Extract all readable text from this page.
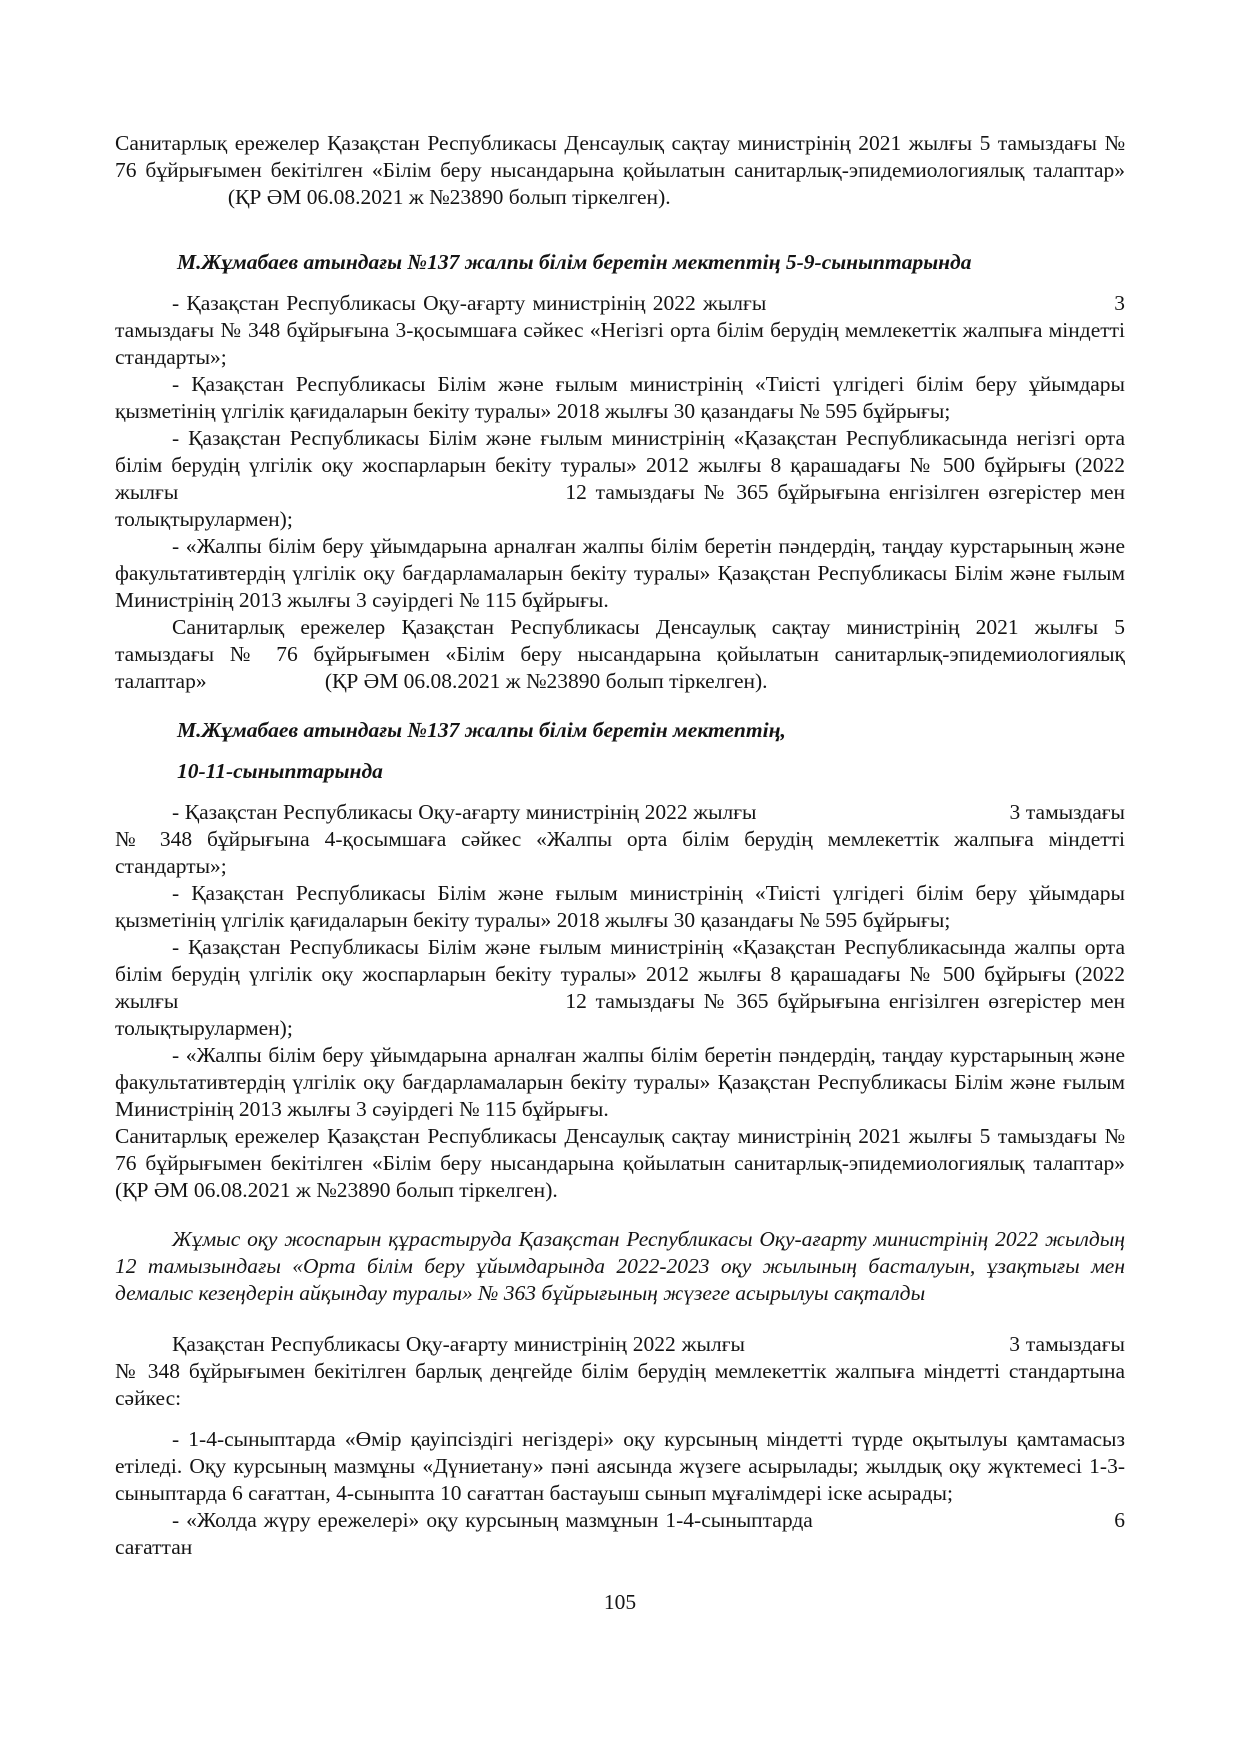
Санитарлық ережелер Қазақстан Республикасы Денсаулық сақтау министрінің 2021 жылғы 5 тамыздағы № 76 бұйрығымен бекітілген «Білім беру нысандарына қойылатын санитарлық-эпидемиологиялық талаптар»                      (ҚР ӘМ 06.08.2021 ж №23890 болып тіркелген).

М.Жұмабаев атындағы №137 жалпы білім беретін мектептің 5-9-сыныптарында

- Қазақстан Республикасы Оқу-ағарту министрінің 2022 жылғы                                                3 тамыздағы № 348 бұйрығына 3-қосымшаға сәйкес «Негізгі орта білім берудің мемлекеттік жалпыға міндетті стандарты»;

- Қазақстан Республикасы Білім және ғылым министрінің «Тиісті үлгідегі білім беру ұйымдары қызметінің үлгілік қағидаларын бекіту туралы» 2018 жылғы 30 қазандағы № 595 бұйрығы;

- Қазақстан Республикасы Білім және ғылым министрінің «Қазақстан Республикасында негізгі орта білім берудің үлгілік оқу жоспарларын бекіту туралы» 2012 жылғы 8 қарашадағы № 500 бұйрығы (2022 жылғы                                            12 тамыздағы № 365 бұйрығына енгізілген өзгерістер мен толықтырулармен);

- «Жалпы білім беру ұйымдарына арналған жалпы білім беретін пәндердің, таңдау курстарының және факультативтердің үлгілік оқу бағдарламаларын бекіту туралы» Қазақстан Республикасы Білім және ғылым Министрінің 2013 жылғы 3 сәуірдегі № 115 бұйрығы.

Санитарлық ережелер Қазақстан Республикасы Денсаулық сақтау министрінің 2021 жылғы 5 тамыздағы № 76 бұйрығымен «Білім беру нысандарына қойылатын санитарлық-эпидемиологиялық талаптар»                      (ҚР ӘМ 06.08.2021 ж №23890 болып тіркелген).

М.Жұмабаев атындағы №137 жалпы білім беретін мектептің,

10-11-сыныптарында

- Қазақстан Республикасы Оқу-ағарту министрінің 2022 жылғы                                             3 тамыздағы № 348 бұйрығына 4-қосымшаға сәйкес «Жалпы орта білім берудің мемлекеттік жалпыға міндетті стандарты»;

- Қазақстан Республикасы Білім және ғылым министрінің «Тиісті үлгідегі білім беру ұйымдары қызметінің үлгілік қағидаларын бекіту туралы» 2018 жылғы 30 қазандағы № 595 бұйрығы;

- Қазақстан Республикасы Білім және ғылым министрінің «Қазақстан Республикасында жалпы орта білім берудің үлгілік оқу жоспарларын бекіту туралы» 2012 жылғы 8 қарашадағы № 500 бұйрығы (2022 жылғы                                            12 тамыздағы № 365 бұйрығына енгізілген өзгерістер мен толықтырулармен);

- «Жалпы білім беру ұйымдарына арналған жалпы білім беретін пәндердің, таңдау курстарының және факультативтердің үлгілік оқу бағдарламаларын бекіту туралы» Қазақстан Республикасы Білім және ғылым Министрінің 2013 жылғы 3 сәуірдегі № 115 бұйрығы.

Санитарлық ережелер Қазақстан Республикасы Денсаулық сақтау министрінің 2021 жылғы 5 тамыздағы № 76 бұйрығымен бекітілген «Білім беру нысандарына қойылатын санитарлық-эпидемиологиялық талаптар» (ҚР ӘМ 06.08.2021 ж №23890 болып тіркелген).

Жұмыс оқу жоспарын құрастыруда Қазақстан Республикасы Оқу-ағарту министрінің 2022 жылдың 12 тамызындағы «Орта білім беру ұйымдарында 2022-2023 оқу жылының басталуын, ұзақтығы мен демалыс кезеңдерін айқындау туралы» № 363 бұйрығының жүзеге асырылуы сақталды

Қазақстан Республикасы Оқу-ағарту министрінің 2022 жылғы                                             3 тамыздағы № 348 бұйрығымен бекітілген барлық деңгейде білім берудің мемлекеттік жалпыға міндетті стандартына сәйкес:

- 1-4-сыныптарда «Өмір қауіпсіздігі негіздері» оқу курсының міндетті түрде оқытылуы қамтамасыз етіледі. Оқу курсының мазмұны «Дүниетану» пәні аясында жүзеге асырылады; жылдық оқу жүктемесі 1-3-сыныптарда 6 сағаттан, 4-сыныпта 10 сағаттан бастауыш сынып мұғалімдері іске асырады;

- «Жолда жүру ережелері» оқу курсының мазмұнын 1-4-сыныптарда                                           6 сағаттан

105
